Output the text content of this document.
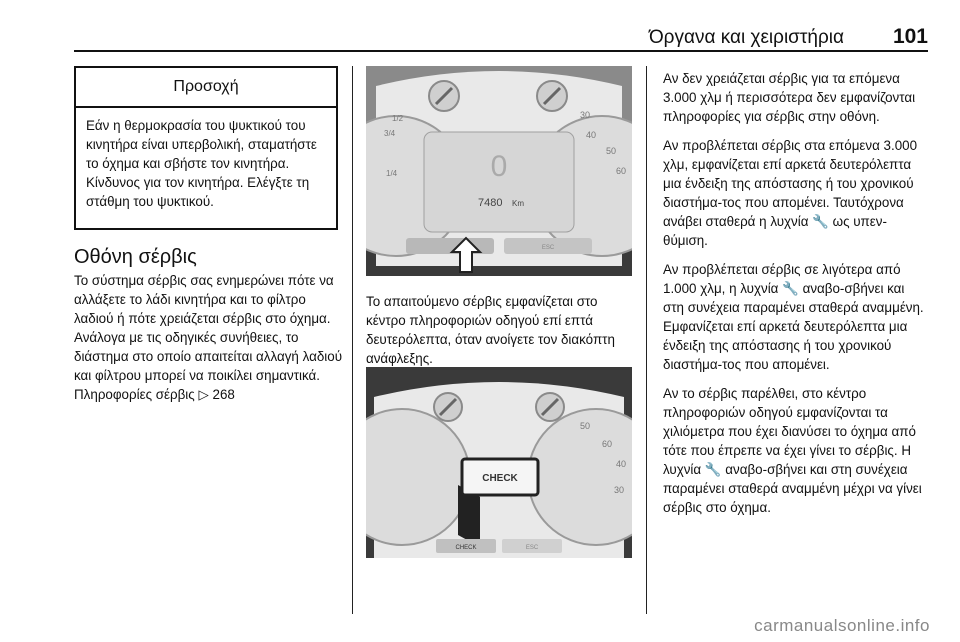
Όργανα και χειριστήρια 101
Προσοχή
Εάν η θερμοκρασία του ψυκτικού του κινητήρα είναι υπερβολική, σταματήστε το όχημα και σβήστε τον κινητήρα. Κίνδυνος για τον κινητήρα. Ελέγξτε τη στάθμη του ψυκτικού.
Οθόνη σέρβις
Το σύστημα σέρβις σας ενημερώνει πότε να αλλάξετε το λάδι κινητήρα και το φίλτρο λαδιού ή πότε χρειάζεται σέρβις στο όχημα. Ανάλογα με τις οδηγικές συνήθειες, το διάστημα στο οποίο απαιτείται αλλαγή λαδιού και φίλτρου μπορεί να ποικίλει σημαντικά. Πληροφορίες σέρβις ▷ 268
1/2
3/4
1/4
40
50
60
30
0
7480 Km
ESC
Το απαιτούμενο σέρβις εμφανίζεται στο κέντρο πληροφοριών οδηγού επί επτά δευτερόλεπτα, όταν ανοίγετε τον διακόπτη ανάφλεξης.
50
60
40
30
CHECK
CHECK	ESC

Αν δεν χρειάζεται σέρβις για τα επόμενα 3.000 χλμ ή περισσότερα δεν εμφανίζονται πληροφορίες για σέρβις στην οθόνη.

Αν προβλέπεται σέρβις στα επόμενα 3.000 χλμ, εμφανίζεται επί αρκετά δευτερόλεπτα μια ένδειξη της απόστασης ή του χρονικού διαστήμα-τος που απομένει. Ταυτόχρονα ανάβει σταθερά η λυχνία 🔧 ως υπεν-θύμιση.

Αν προβλέπεται σέρβις σε λιγότερα από 1.000 χλμ, η λυχνία 🔧 αναβο-σβήνει και στη συνέχεια παραμένει σταθερά αναμμένη. Εμφανίζεται επί αρκετά δευτερόλεπτα μια ένδειξη της απόστασης ή του χρονικού διαστήμα-τος που απομένει.

Αν το σέρβις παρέλθει, στο κέντρο πληροφοριών οδηγού εμφανίζονται τα χιλιόμετρα που έχει διανύσει το όχημα από τότε που έπρεπε να έχει γίνει το σέρβις. Η λυχνία 🔧 αναβο-σβήνει και στη συνέχεια παραμένει σταθερά αναμμένη μέχρι να γίνει σέρβις στο όχημα.

carmanualsonline.info
